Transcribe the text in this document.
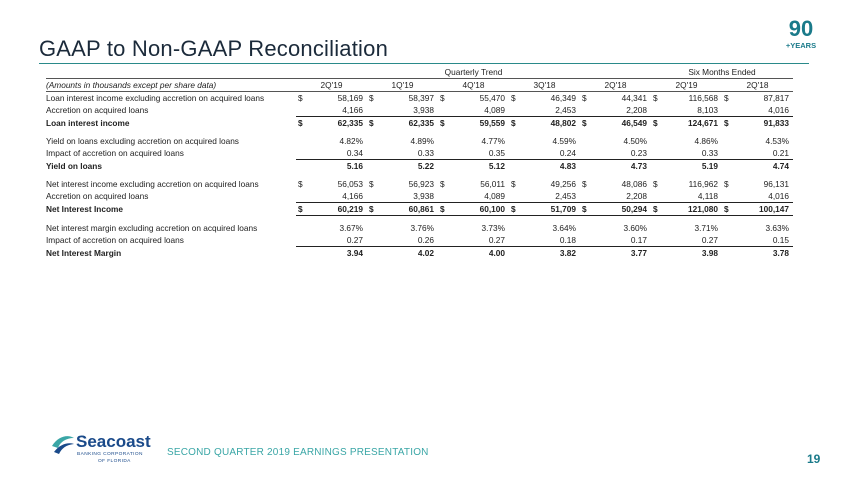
GAAP to Non-GAAP Reconciliation
90
+YEARS
	Quarterly Trend										Six Months Ended			
(Amounts in thousands except per share data)	2Q'19		1Q'19		4Q'18		3Q'18		2Q'18		2Q'19		2Q'18	
Loan interest income excluding accretion on acquired loans	$	58,169	$	58,397	$	55,470	$	46,349	$	44,341	$	116,568	$	87,817
Accretion on acquired loans		4,166		3,938		4,089		2,453		2,208		8,103		4,016
Loan interest income	$	62,335	$	62,335	$	59,559	$	48,802	$	46,549	$	124,671	$	91,833

Yield on loans excluding accretion on acquired loans		4.82%		4.89%		4.77%		4.59%		4.50%		4.86%		4.53%
Impact of accretion on acquired loans		0.34		0.33		0.35		0.24		0.23		0.33		0.21
Yield on loans		5.16		5.22		5.12		4.83		4.73		5.19		4.74

Net interest income excluding accretion on acquired loans	$	56,053	$	56,923	$	56,011	$	49,256	$	48,086	$	116,962	$	96,131
Accretion on acquired loans		4,166		3,938		4,089		2,453		2,208		4,118		4,016
Net Interest Income	$	60,219	$	60,861	$	60,100	$	51,709	$	50,294	$	121,080	$	100,147

Net interest margin excluding accretion on acquired loans		3.67%		3.76%		3.73%		3.64%		3.60%		3.71%		3.63%
Impact of accretion on acquired loans		0.27		0.26		0.27		0.18		0.17		0.27		0.15
Net Interest Margin		3.94		4.02		4.00		3.82		3.77		3.98		3.78
Seacoast
BANKING CORPORATION
OF FLORIDA
SECOND QUARTER 2019 EARNINGS PRESENTATION	19
